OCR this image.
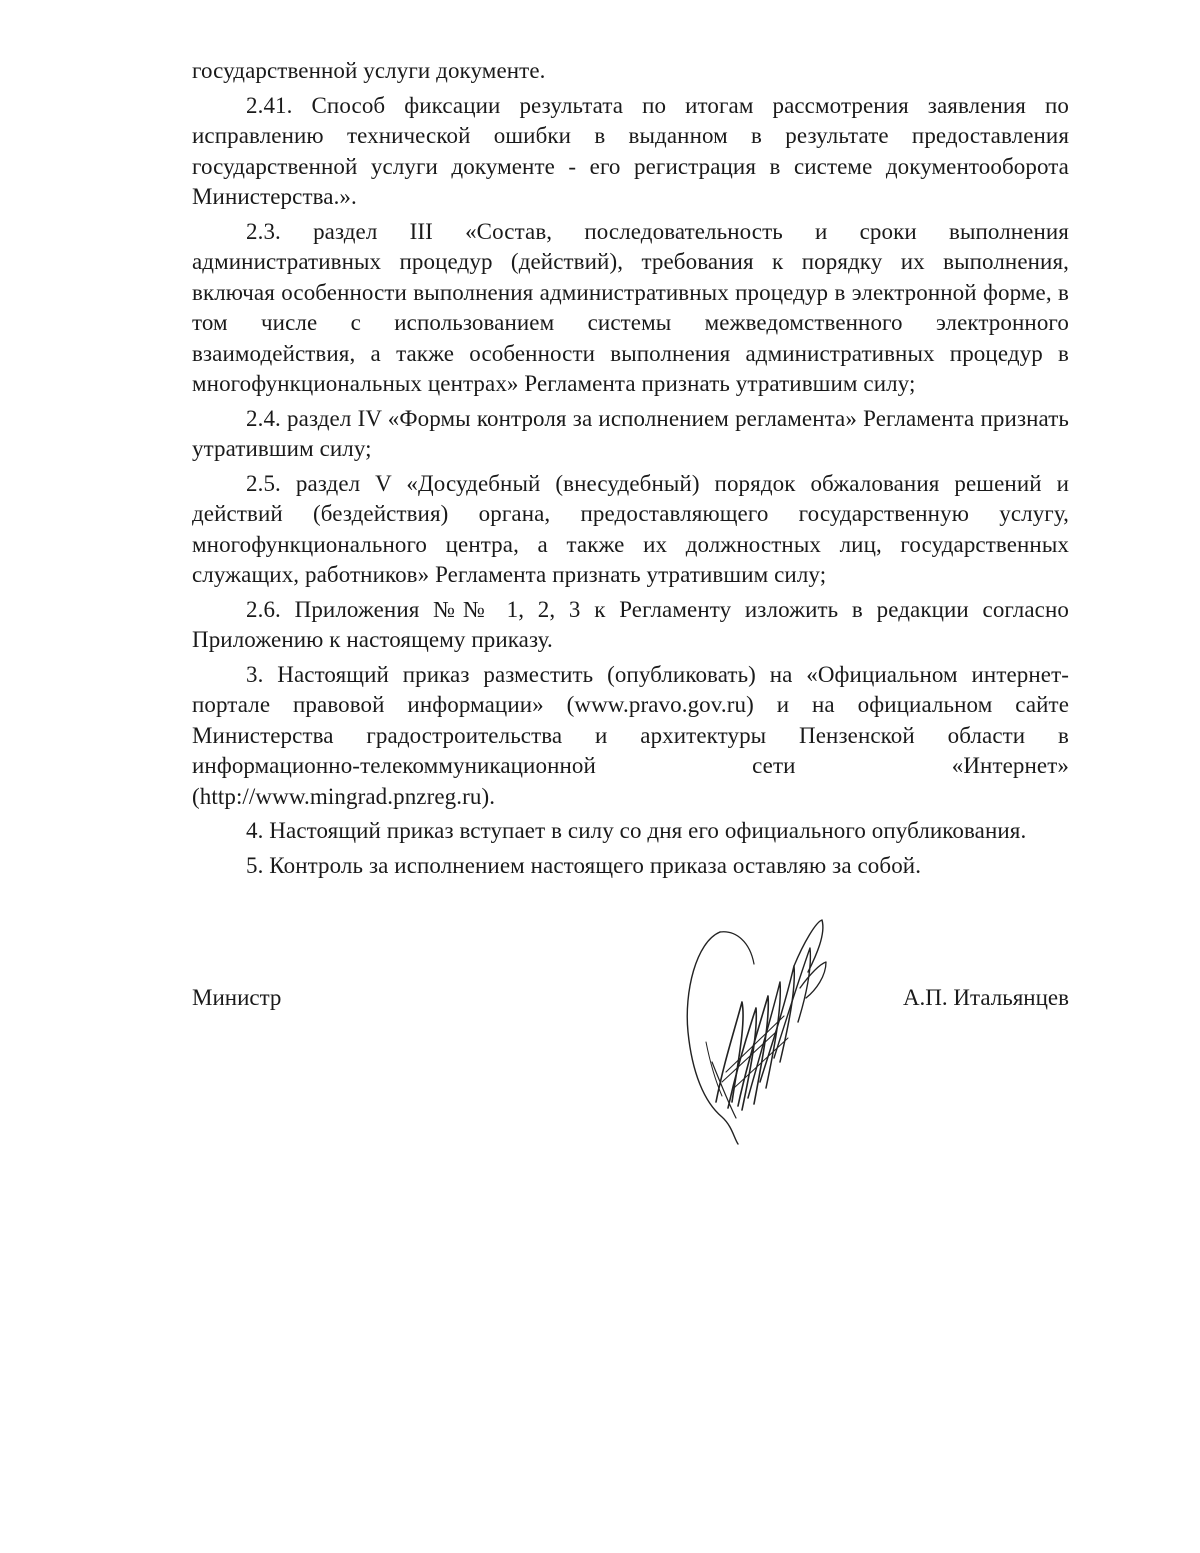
государственной услуги документе.

2.41. Способ фиксации результата по итогам рассмотрения заявления по исправлению технической ошибки в выданном в результате предоставления государственной услуги документе - его регистрация в системе документооборота Министерства.».

2.3. раздел III «Состав, последовательность и сроки выполнения административных процедур (действий), требования к порядку их выполнения, включая особенности выполнения административных процедур в электронной форме, в том числе с использованием системы межведомственного электронного взаимодействия, а также особенности выполнения административных процедур в многофункциональных центрах» Регламента признать утратившим силу;

2.4. раздел IV «Формы контроля за исполнением регламента» Регламента признать утратившим силу;

2.5. раздел V «Досудебный (внесудебный) порядок обжалования решений и действий (бездействия) органа, предоставляющего государственную услугу, многофункционального центра, а также их должностных лиц, государственных служащих, работников» Регламента признать утратившим силу;

2.6. Приложения №№ 1, 2, 3 к Регламенту изложить в редакции согласно Приложению к настоящему приказу.

3. Настоящий приказ разместить (опубликовать) на «Официальном интернет-портале правовой информации» (www.pravo.gov.ru) и на официальном сайте Министерства градостроительства и архитектуры Пензенской области в информационно-телекоммуникационной сети «Интернет» (http://www.mingrad.pnzreg.ru).

4. Настоящий приказ вступает в силу со дня его официального опубликования.

5. Контроль за исполнением настоящего приказа оставляю за собой.

Министр	А.П. Итальянцев
